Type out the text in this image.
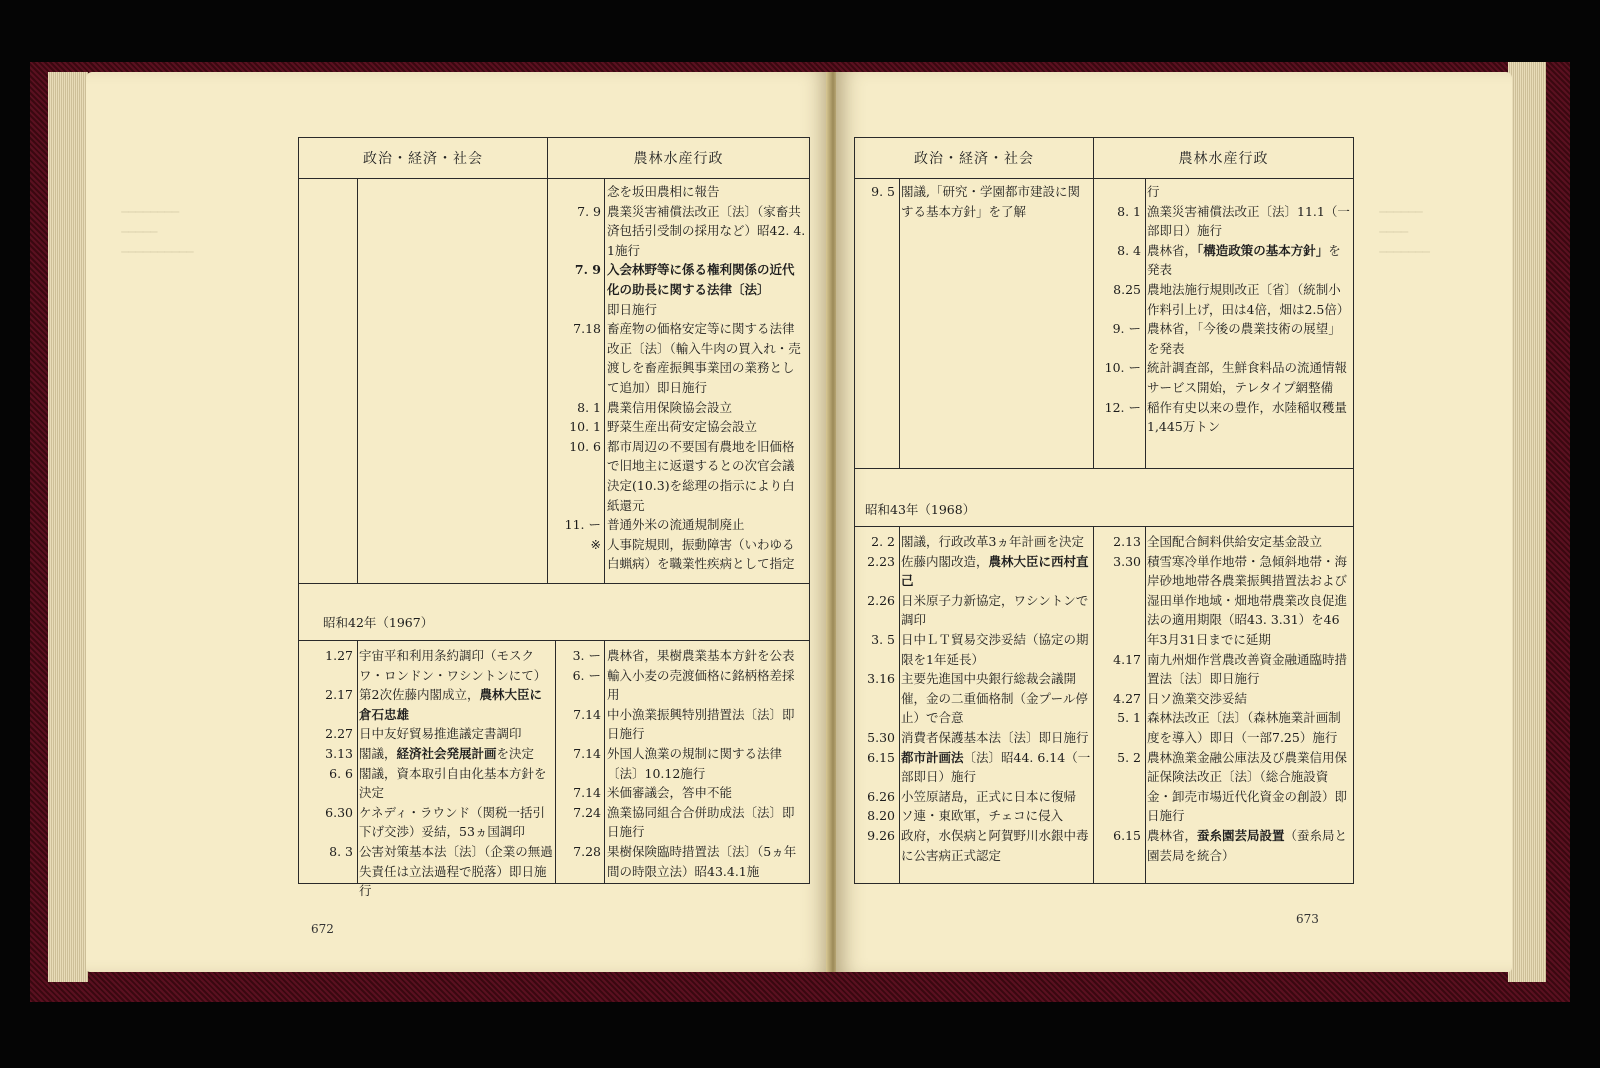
────────
─────
──────────

政治・経済・社会	農林水産行政
昭和42年（1967）
念を坂田農相に報告
7. 9 農業災害補償法改正〔法〕（家畜共済包括引受制の採用など）昭42. 4. 1施行
7. 9 入会林野等に係る権利関係の近代化の助長に関する法律〔法〕
即日施行
7.18 畜産物の価格安定等に関する法律改正〔法〕（輸入牛肉の買入れ・売渡しを畜産振興事業団の業務として追加）即日施行
8. 1 農業信用保険協会設立
10. 1 野菜生産出荷安定協会設立
10. 6 都市周辺の不要国有農地を旧価格で旧地主に返還するとの次官会議決定(10.3)を総理の指示により白紙還元
11. ー 普通外米の流通規制廃止
※ 人事院規則，振動障害（いわゆる白蝋病）を職業性疾病として指定
1.27 宇宙平和利用条約調印（モスクワ・ロンドン・ワシントンにて）
2.17 第2次佐藤内閣成立，農林大臣に倉石忠雄
2.27 日中友好貿易推進議定書調印
3.13 閣議，経済社会発展計画を決定
6. 6 閣議，資本取引自由化基本方針を決定
6.30 ケネディ・ラウンド（関税一括引下げ交渉）妥結，53ヵ国調印
8. 3 公害対策基本法〔法〕（企業の無過失責任は立法過程で脱落）即日施行
3. ー 農林省，果樹農業基本方針を公表
6. ー 輸入小麦の売渡価格に銘柄格差採用
7.14 中小漁業振興特別措置法〔法〕即日施行
7.14 外国人漁業の規制に関する法律〔法〕10.12施行
7.14 米価審議会，答申不能
7.24 漁業協同組合合併助成法〔法〕即日施行
7.28 果樹保険臨時措置法〔法〕（5ヵ年間の時限立法）昭43.4.1施
672
政治・経済・社会	農林水産行政
昭和43年（1968）
9. 5 閣議,「研究・学園都市建設に関する基本方針」を了解
行
8. 1 漁業災害補償法改正〔法〕11.1（一部即日）施行
8. 4 農林省，「構造政策の基本方針」を発表
8.25 農地法施行規則改正〔省〕（統制小作料引上げ，田は4倍，畑は2.5倍）
9. ー 農林省，「今後の農業技術の展望」を発表
10. ー 統計調査部，生鮮食料品の流通情報サービス開始，テレタイプ網整備
12. ー 稲作有史以来の豊作，水陸稲収穫量1,445万トン
2. 2 閣議，行政改革3ヵ年計画を決定
2.23 佐藤内閣改造，農林大臣に西村直己
2.26 日米原子力新協定，ワシントンで調印
3. 5 日中ＬＴ貿易交渉妥結（協定の期限を1年延長）
3.16 主要先進国中央銀行総裁会議開催，金の二重価格制（金プール停止）で合意
5.30 消費者保護基本法〔法〕即日施行
6.15 都市計画法〔法〕昭44. 6.14（一部即日）施行
6.26 小笠原諸島，正式に日本に復帰
8.20 ソ連・東欧軍，チェコに侵入
9.26 政府，水俣病と阿賀野川水銀中毒に公害病正式認定
2.13 全国配合飼料供給安定基金設立
3.30 積雪寒冷単作地帯・急傾斜地帯・海岸砂地地帯各農業振興措置法および湿田単作地域・畑地帯農業改良促進法の適用期限（昭43. 3.31）を46年3月31日までに延期
4.17 南九州畑作営農改善資金融通臨時措置法〔法〕即日施行
4.27 日ソ漁業交渉妥結
5. 1 森林法改正〔法〕（森林施業計画制度を導入）即日（一部7.25）施行
5. 2 農林漁業金融公庫法及び農業信用保証保険法改正〔法〕（総合施設資金・卸売市場近代化資金の創設）即日施行
6.15 農林省，蚕糸園芸局設置（蚕糸局と園芸局を統合）

──────
────
───────

673
